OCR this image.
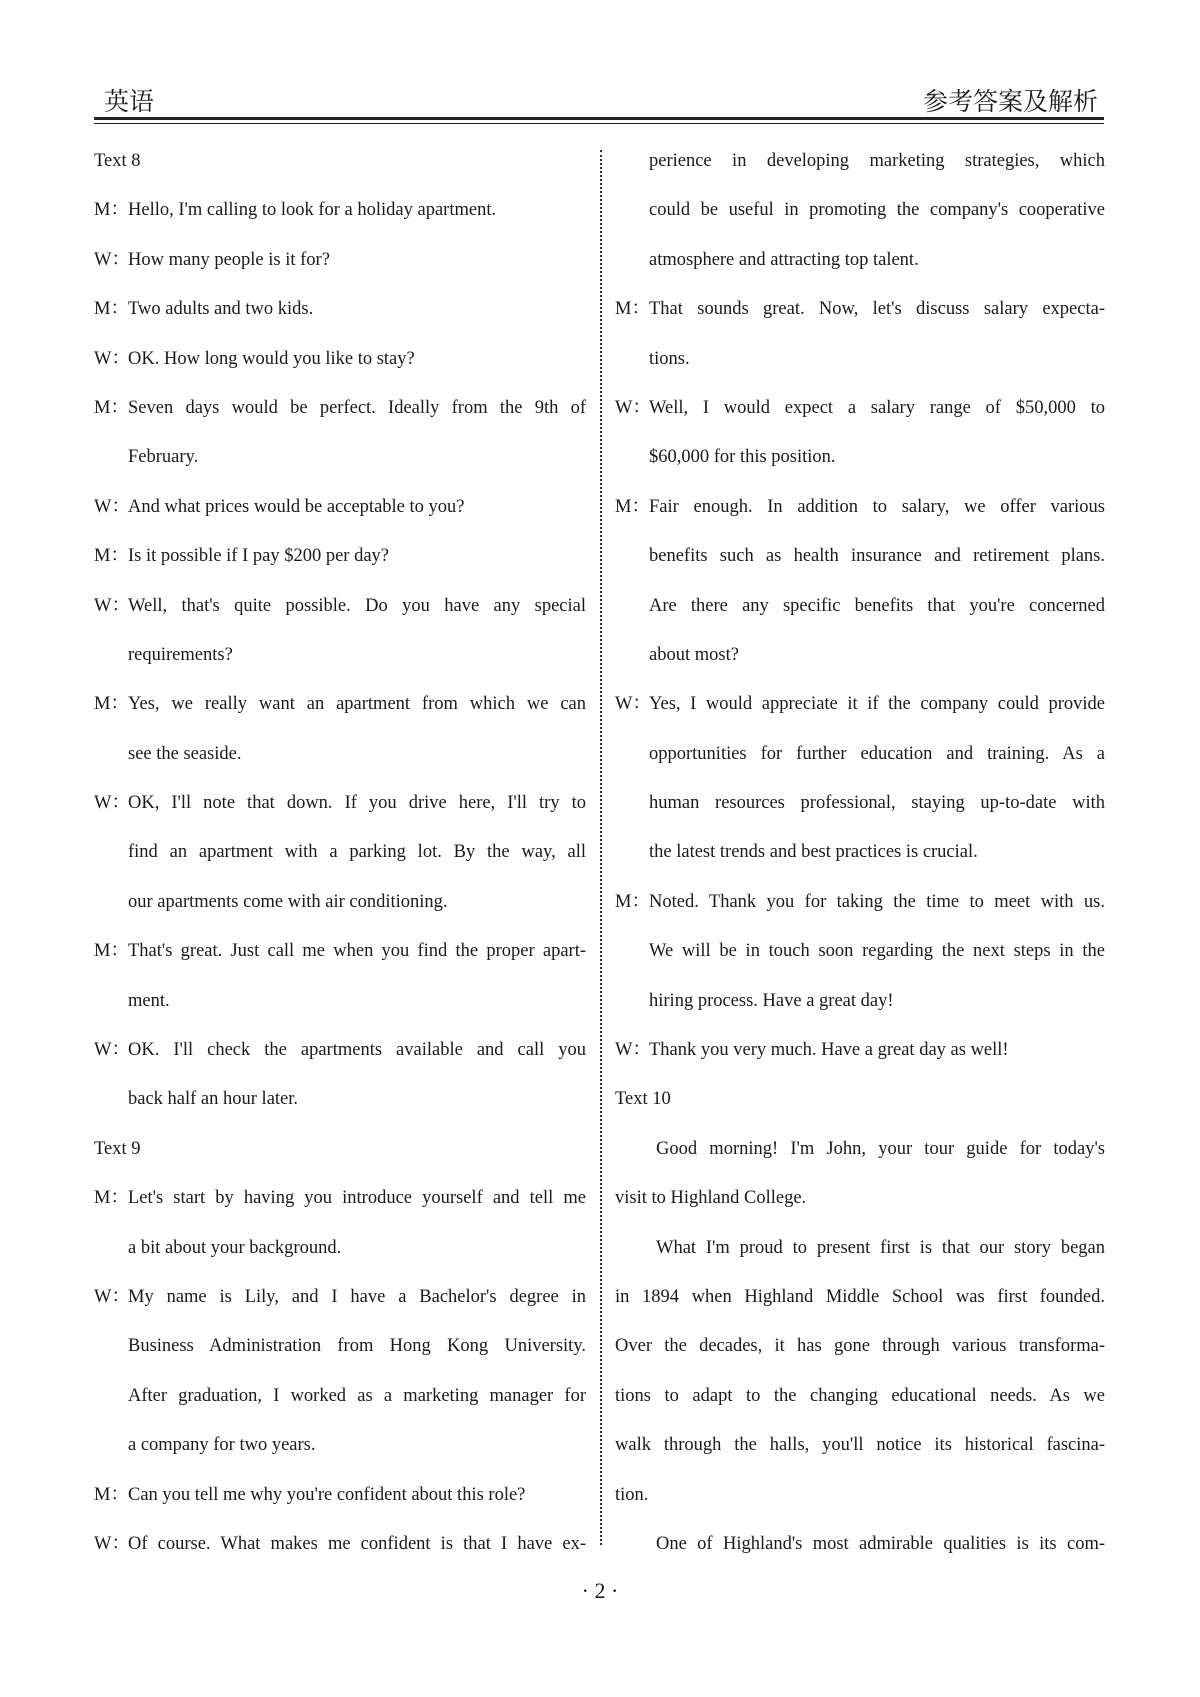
英语	参考答案及解析
Text 8
M： Hello, I'm calling to look for a holiday apartment.
W：
How many people is it for?
M： Two adults and two kids.
W：
OK. How long would you like to stay?
M： Seven days would be perfect. Ideally from the 9th of
February.
W：
And what prices would be acceptable to you?
M： Is it possible if I pay $200 per day?
W：
Well, that's quite possible. Do you have any special
requirements?
M： Yes, we really want an apartment from which we can
see the seaside.
W：
OK, I'll note that down. If you drive here, I'll try to
find an apartment with a parking lot. By the way, all
our apartments come with air conditioning.
M： That's great. Just call me when you find the proper apart-
ment.
W：
OK. I'll check the apartments available and call you
back half an hour later.
Text 9
M： Let's start by having you introduce yourself and tell me
a bit about your background.
W：
My name is Lily, and I have a Bachelor's degree in
Business Administration from Hong Kong University.
After graduation, I worked as a marketing manager for
a company for two years.
M： Can you tell me why you're confident about this role?
W：
Of course. What makes me confident is that I have ex-
perience in developing marketing strategies, which
could be useful in promoting the company's cooperative
atmosphere and attracting top talent.
M： That sounds great. Now, let's discuss salary expecta-
tions.
W：
Well, I would expect a salary range of $50,000 to
$60,000 for this position.
M： Fair enough. In addition to salary, we offer various
benefits such as health insurance and retirement plans.
Are there any specific benefits that you're concerned
about most?
W：
Yes, I would appreciate it if the company could provide
opportunities for further education and training. As a
human resources professional, staying up-to-date with
the latest trends and best practices is crucial.
M： Noted. Thank you for taking the time to meet with us.
We will be in touch soon regarding the next steps in the
hiring process. Have a great day!
W：
Thank you very much. Have a great day as well!
Text 10
Good morning! I'm John, your tour guide for today's
visit to Highland College.
What I'm proud to present first is that our story began
in 1894 when Highland Middle School was first founded.
Over the decades, it has gone through various transforma-
tions to adapt to the changing educational needs. As we
walk through the halls, you'll notice its historical fascina-
tion.
One of Highland's most admirable qualities is its com-
· 2 ·
